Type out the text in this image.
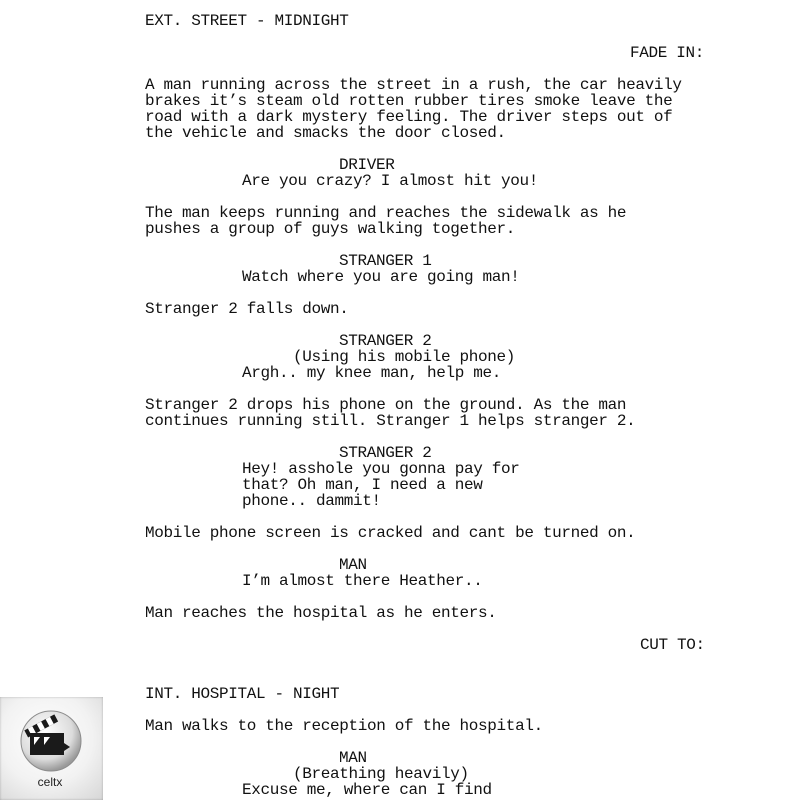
EXT. STREET - MIDNIGHT
FADE IN:
A man running across the street in a rush, the car heavily
brakes it’s steam old rotten rubber tires smoke leave the
road with a dark mystery feeling. The driver steps out of
the vehicle and smacks the door closed.
DRIVER
Are you crazy? I almost hit you!
The man keeps running and reaches the sidewalk as he
pushes a group of guys walking together.
STRANGER 1
Watch where you are going man!
Stranger 2 falls down.
STRANGER 2
(Using his mobile phone)
Argh.. my knee man, help me.
Stranger 2 drops his phone on the ground. As the man
continues running still. Stranger 1 helps stranger 2.
STRANGER 2
Hey! asshole you gonna pay for
that? Oh man, I need a new
phone.. dammit!
Mobile phone screen is cracked and cant be turned on.
MAN
I’m almost there Heather..
Man reaches the hospital as he enters.
CUT TO:
INT. HOSPITAL - NIGHT
Man walks to the reception of the hospital.
MAN
(Breathing heavily)
Excuse me, where can I find
celtx
